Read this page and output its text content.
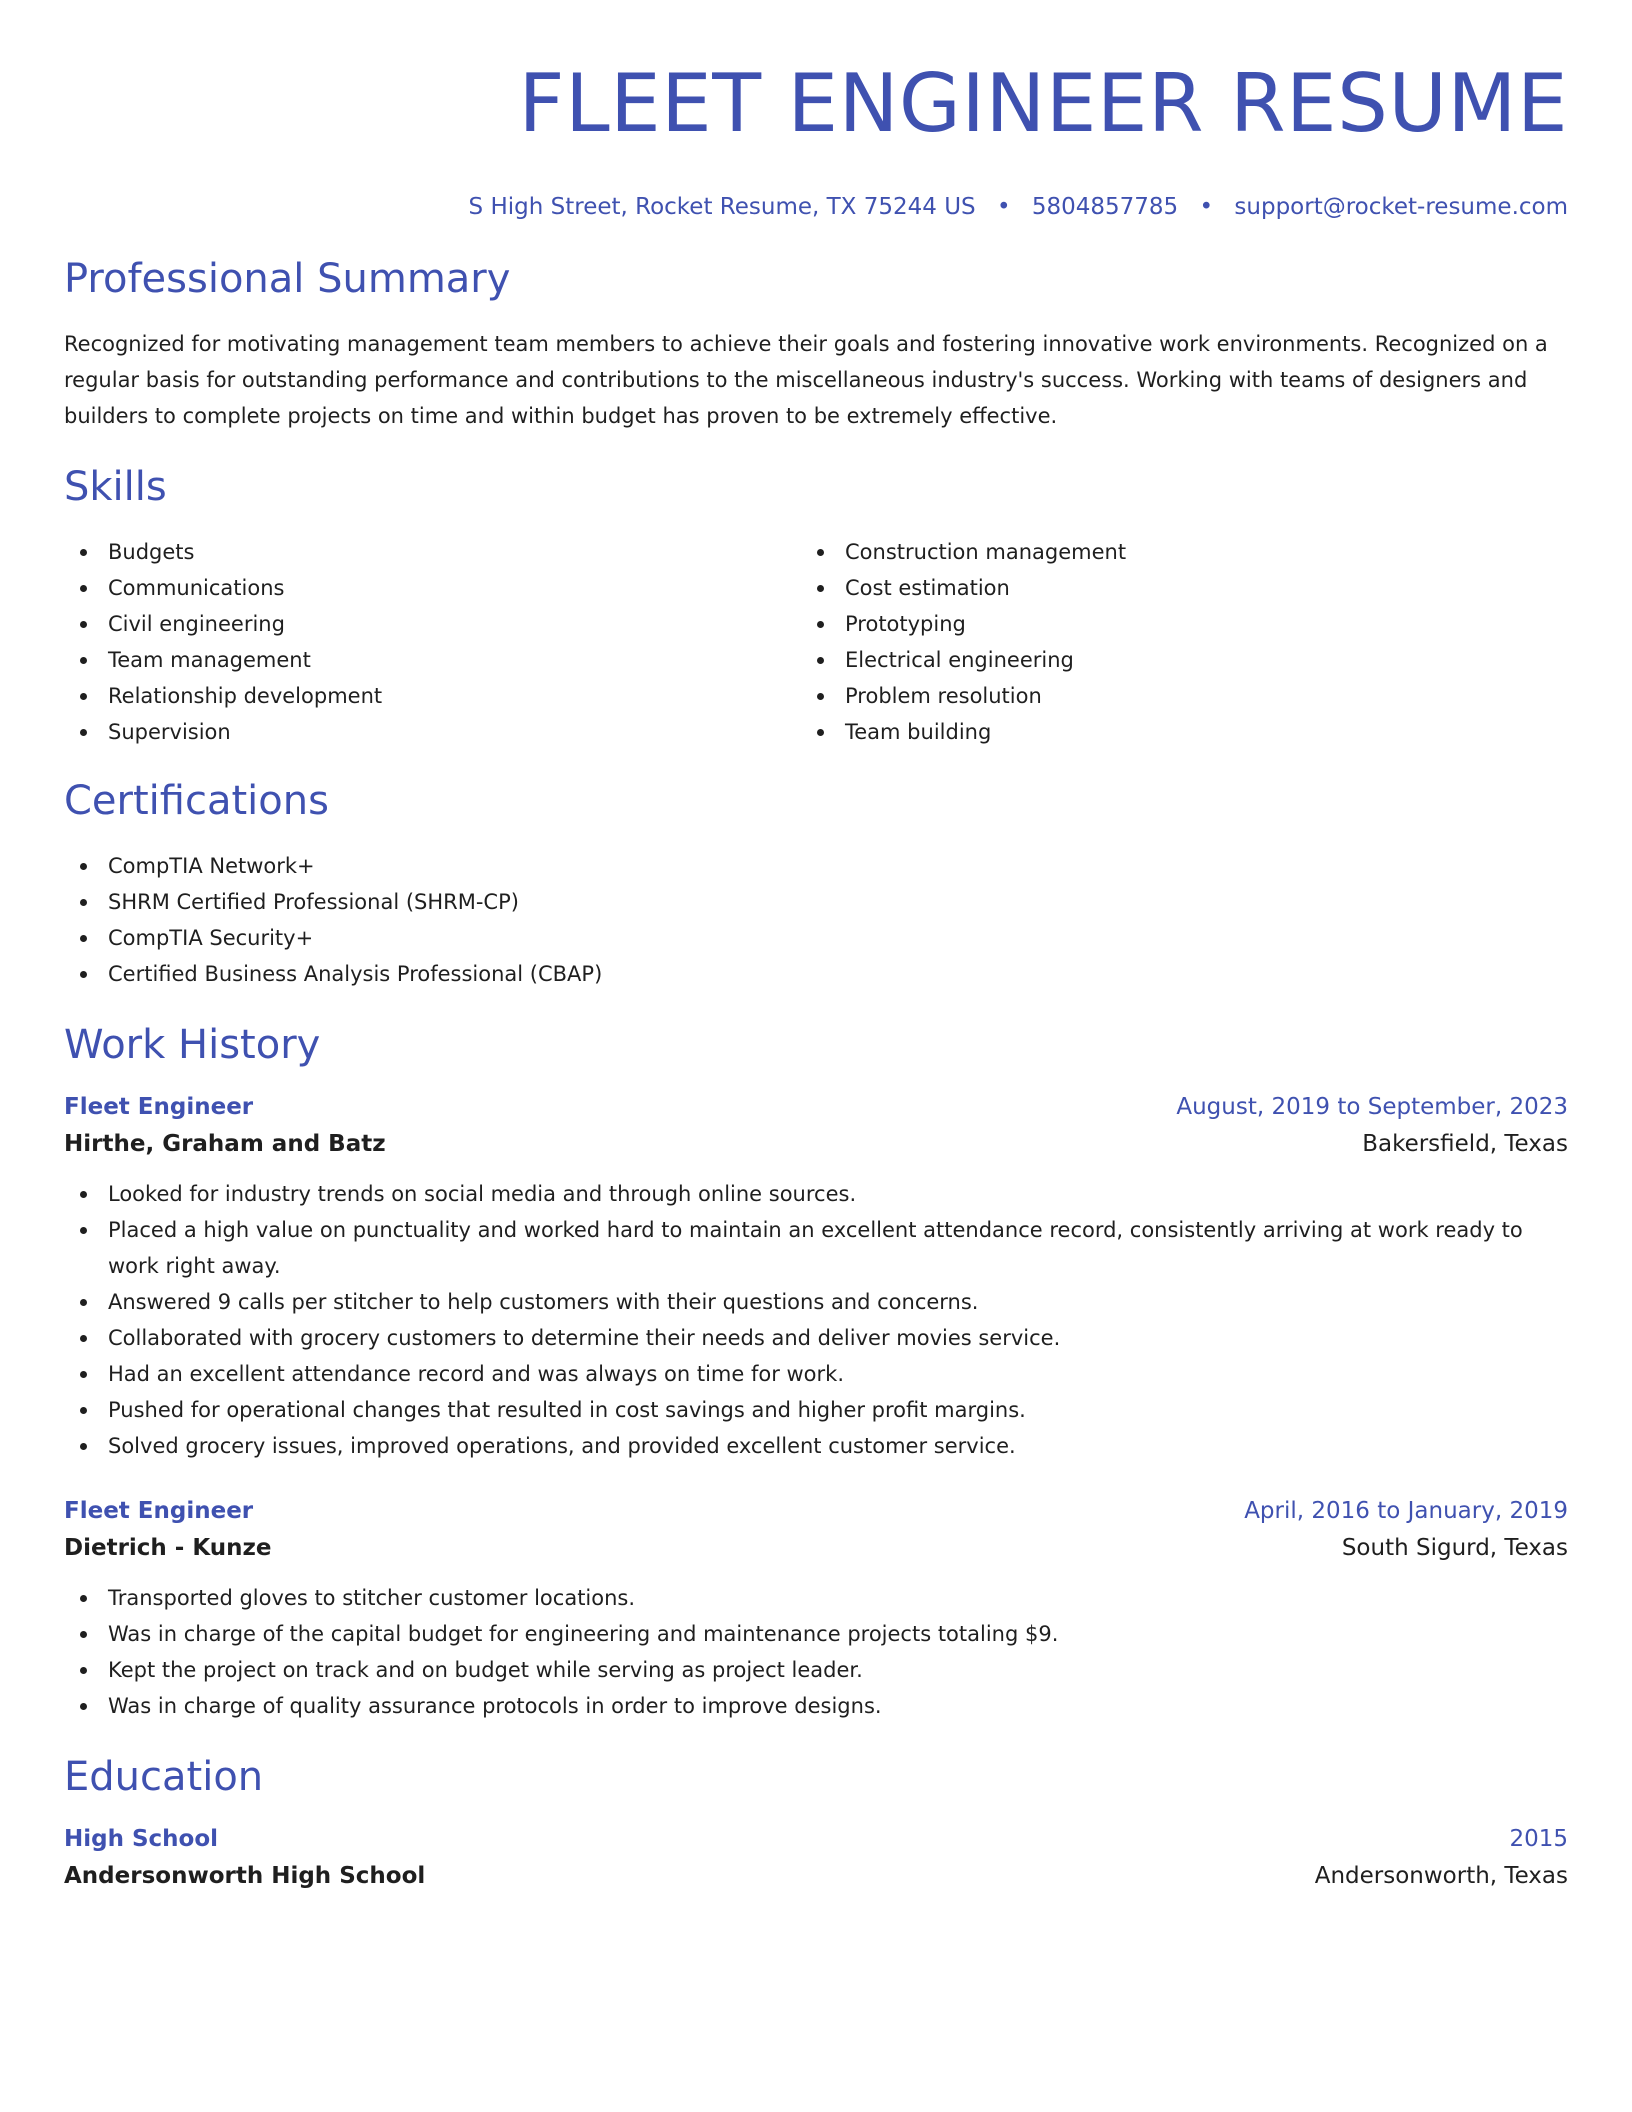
FLEET ENGINEER RESUME
S High Street, Rocket Resume, TX 75244 US • 5804857785 • support@rocket-resume.com
Professional Summary

Recognized for motivating management team members to achieve their goals and fostering innovative work environments. Recognized on a regular basis for outstanding performance and contributions to the miscellaneous industry's success. Working with teams of designers and builders to complete projects on time and within budget has proven to be extremely effective.

Skills
Budgets
Communications
Civil engineering
Team management
Relationship development
Supervision
Construction management
Cost estimation
Prototyping
Electrical engineering
Problem resolution
Team building
Certifications
CompTIA Network+
SHRM Certified Professional (SHRM-CP)
CompTIA Security+
Certified Business Analysis Professional (CBAP)
Work History
Fleet Engineer	August, 2019 to September, 2023
Hirthe, Graham and Batz	Bakersfield, Texas
Looked for industry trends on social media and through online sources.
Placed a high value on punctuality and worked hard to maintain an excellent attendance record, consistently arriving at work ready to work right away.
Answered 9 calls per stitcher to help customers with their questions and concerns.
Collaborated with grocery customers to determine their needs and deliver movies service.
Had an excellent attendance record and was always on time for work.
Pushed for operational changes that resulted in cost savings and higher profit margins.
Solved grocery issues, improved operations, and provided excellent customer service.
Fleet Engineer	April, 2016 to January, 2019
Dietrich - Kunze	South Sigurd, Texas
Transported gloves to stitcher customer locations.
Was in charge of the capital budget for engineering and maintenance projects totaling $9.
Kept the project on track and on budget while serving as project leader.
Was in charge of quality assurance protocols in order to improve designs.
Education
High School	2015
Andersonworth High School	Andersonworth, Texas
